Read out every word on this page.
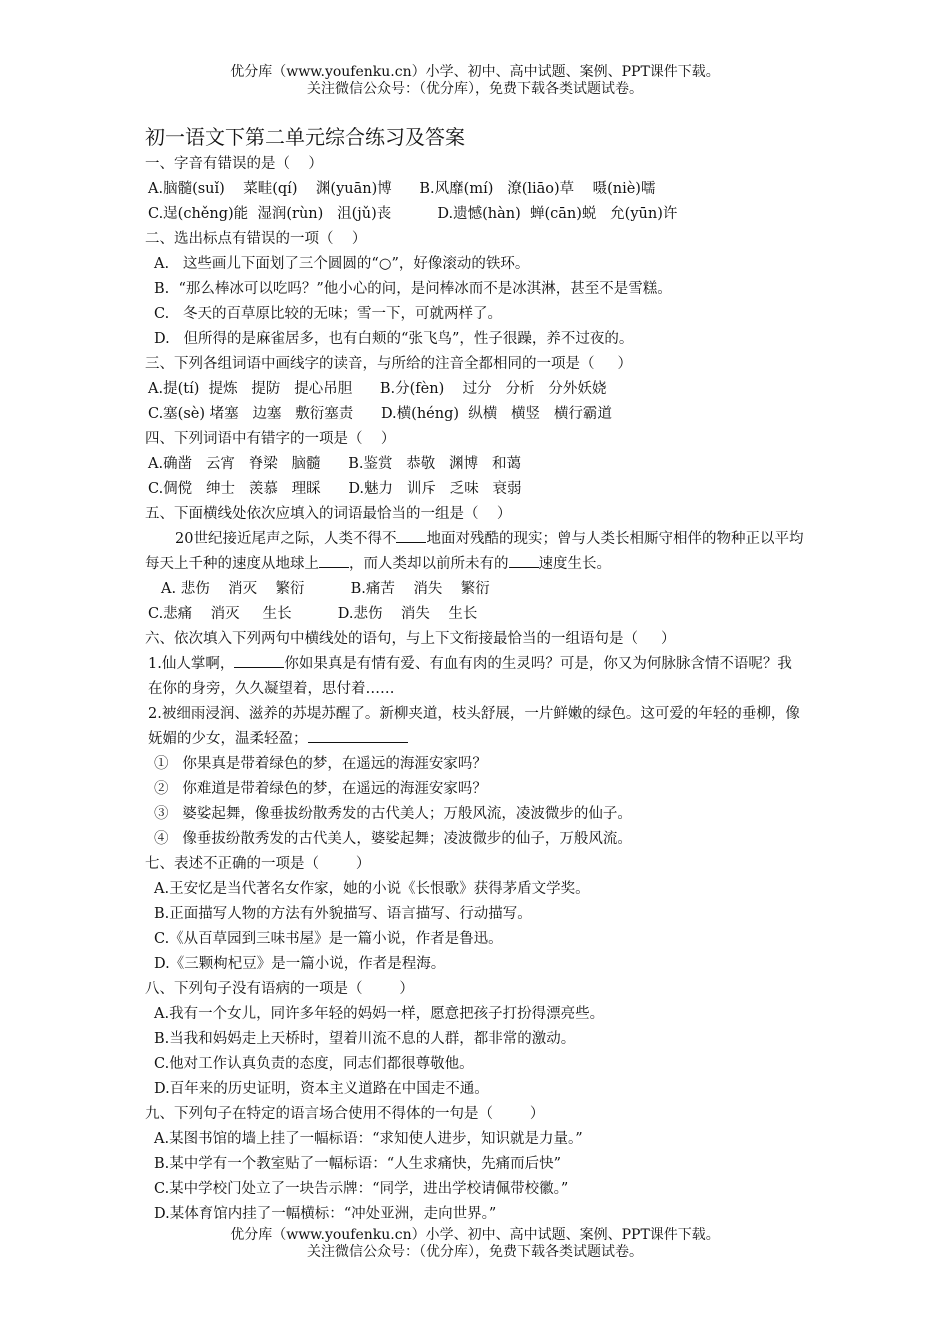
优分库（www.youfenku.cn）小学、初中、高中试题、案例、PPT课件下载。
关注微信公众号：（优分库），免费下载各类试题试卷。
初一语文下第二单元综合练习及答案
一、字音有错误的是（    ）
A.脑髓(suǐ)    菜畦(qí)    渊(yuān)博      B.风靡(mí)   潦(liāo)草    嗫(niè)嚅
C.逞(chěng)能  湿润(rùn)   沮(jǔ)丧          D.遗憾(hàn)  蝉(cān)蜕   允(yūn)许
二、选出标点有错误的一项（    ）
A.   这些画儿下面划了三个圆圆的“○”，好像滚动的铁环。
B.  “那么棒冰可以吃吗？”他小心的问，是问棒冰而不是冰淇淋，甚至不是雪糕。
C.   冬天的百草原比较的无味；雪一下，可就两样了。
D.   但所得的是麻雀居多，也有白颊的“张飞鸟”，性子很躁，养不过夜的。
三、下列各组词语中画线字的读音，与所给的注音全都相同的一项是（     ）
A.提(tí)  提炼   提防   提心吊胆      B.分(fèn)    过分   分析   分外妖娆
C.塞(sè) 堵塞   边塞   敷衍塞责      D.横(héng)  纵横   横竖   横行霸道
四、下列词语中有错字的一项是（    ）
A.确凿   云宵   脊梁   脑髓      B.鉴赏   恭敬   渊博   和蔼
C.倜傥   绅士   羡慕   理睬      D.魅力   训斥   乏味   衰弱
五、下面横线处依次应填入的词语最恰当的一组是（    ）
20世纪接近尾声之际，人类不得不 地面对残酷的现实；曾与人类长相厮守相伴的物种正以平均每天上千种的速度从地球上 ，而人类却以前所未有的 速度生长。
A. 悲伤    消灭    繁衍          B.痛苦    消失    繁衍
C.悲痛    消灭     生长          D.悲伤    消失    生长
六、依次填入下列两句中横线处的语句，与上下文衔接最恰当的一组语句是（     ）
1.仙人掌啊，	你如果真是有情有爱、有血有肉的生灵吗？可是，你又为何脉脉含情不语呢？我在你的身旁，久久凝望着，思付着……
2.被细雨浸润、滋养的苏堤苏醒了。新柳夹道，枝头舒展，一片鲜嫩的绿色。这可爱的年轻的垂柳，像妩媚的少女，温柔轻盈；
①   你果真是带着绿色的梦，在遥远的海涯安家吗？
②   你难道是带着绿色的梦，在遥远的海涯安家吗？
③   婆娑起舞，像垂拔纷散秀发的古代美人；万般风流，凌波微步的仙子。
④   像垂拔纷散秀发的古代美人，婆娑起舞；凌波微步的仙子，万般风流。
七、表述不正确的一项是（        ）
A.王安忆是当代著名女作家，她的小说《长恨歌》获得茅盾文学奖。
B.正面描写人物的方法有外貌描写、语言描写、行动描写。
C.《从百草园到三味书屋》是一篇小说，作者是鲁迅。
D.《三颗枸杞豆》是一篇小说，作者是程海。
八、下列句子没有语病的一项是（        ）
A.我有一个女儿，同许多年轻的妈妈一样，愿意把孩子打扮得漂亮些。
B.当我和妈妈走上天桥时，望着川流不息的人群，都非常的激动。
C.他对工作认真负责的态度，同志们都很尊敬他。
D.百年来的历史证明，资本主义道路在中国走不通。
九、下列句子在特定的语言场合使用不得体的一句是（        ）
A.某图书馆的墙上挂了一幅标语：“求知使人进步，知识就是力量。”
B.某中学有一个教室贴了一幅标语：“人生求痛快，先痛而后快”
C.某中学校门处立了一块告示牌：“同学，进出学校请佩带校徽。”
D.某体育馆内挂了一幅横标：“冲处亚洲，走向世界。”
优分库（www.youfenku.cn）小学、初中、高中试题、案例、PPT课件下载。
关注微信公众号：（优分库），免费下载各类试题试卷。
